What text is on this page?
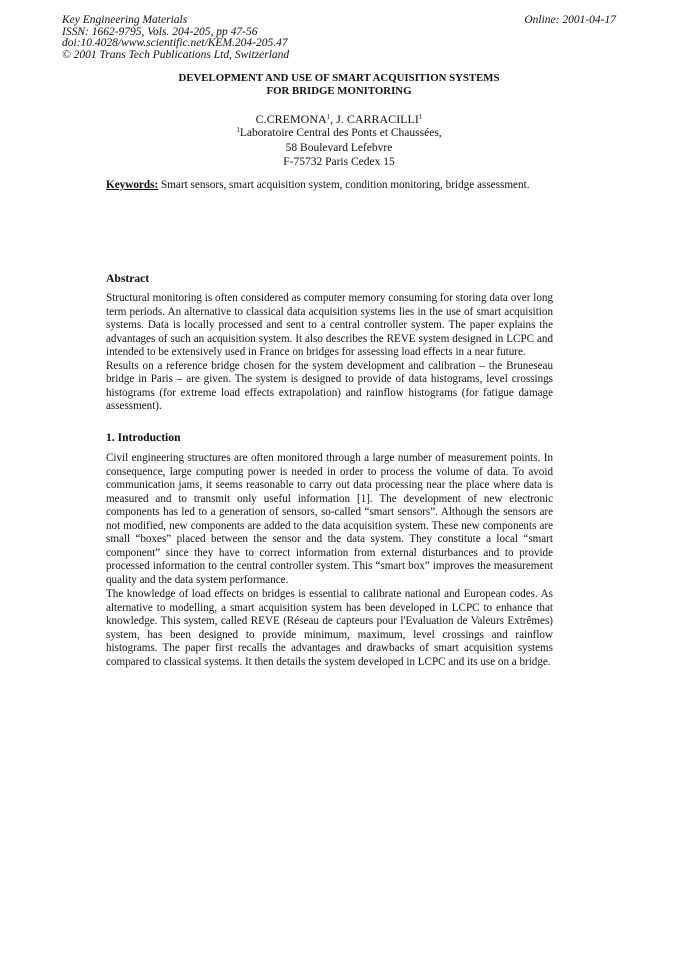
Key Engineering Materials
ISSN: 1662-9795, Vols. 204-205, pp 47-56
doi:10.4028/www.scientific.net/KEM.204-205.47
© 2001 Trans Tech Publications Ltd, Switzerland
Online: 2001-04-17
DEVELOPMENT AND USE OF SMART ACQUISITION SYSTEMS
FOR BRIDGE MONITORING
C.CREMONA$^1$, J. CARRACILLI$^1$
$^1$Laboratoire Central des Ponts et Chaussées,
58 Boulevard Lefebvre
F-75732 Paris Cedex 15
Keywords: Smart sensors, smart acquisition system, condition monitoring, bridge assessment.
Abstract
Structural monitoring is often considered as computer memory consuming for storing data over long
term periods. An alternative to classical data acquisition systems lies in the use of smart acquisition
systems. Data is locally processed and sent to a central controller system. The paper explains the
advantages of such an acquisition system. It also describes the REVE system designed in LCPC and
intended to be extensively used in France on bridges for assessing load effects in a near future.
Results on a reference bridge chosen for the system development and calibration – the Bruneseau
bridge in Paris – are given. The system is designed to provide of data histograms, level crossings
histograms (for extreme load effects extrapolation) and rainflow histograms (for fatigue damage
assessment).
1. Introduction
Civil engineering structures are often monitored through a large number of measurement points. In
consequence, large computing power is needed in order to process the volume of data. To avoid
communication jams, it seems reasonable to carry out data processing near the place where data is
measured and to transmit only useful information [1]. The development of new electronic
components has led to a generation of sensors, so-called “smart sensors”. Although the sensors are
not modified, new components are added to the data acquisition system. These new components are
small “boxes” placed between the sensor and the data system. They constitute a local “smart
component” since they have to correct information from external disturbances and to provide
processed information to the central controller system. This “smart box” improves the measurement
quality and the data system performance.
The knowledge of load effects on bridges is essential to calibrate national and European codes. As
alternative to modelling, a smart acquisition system has been developed in LCPC to enhance that
knowledge. This system, called REVE (Réseau de capteurs pour l'Evaluation de Valeurs Extrêmes)
system, has been designed to provide minimum, maximum, level crossings and rainflow
histograms. The paper first recalls the advantages and drawbacks of smart acquisition systems
compared to classical systems. It then details the system developed in LCPC and its use on a bridge.
